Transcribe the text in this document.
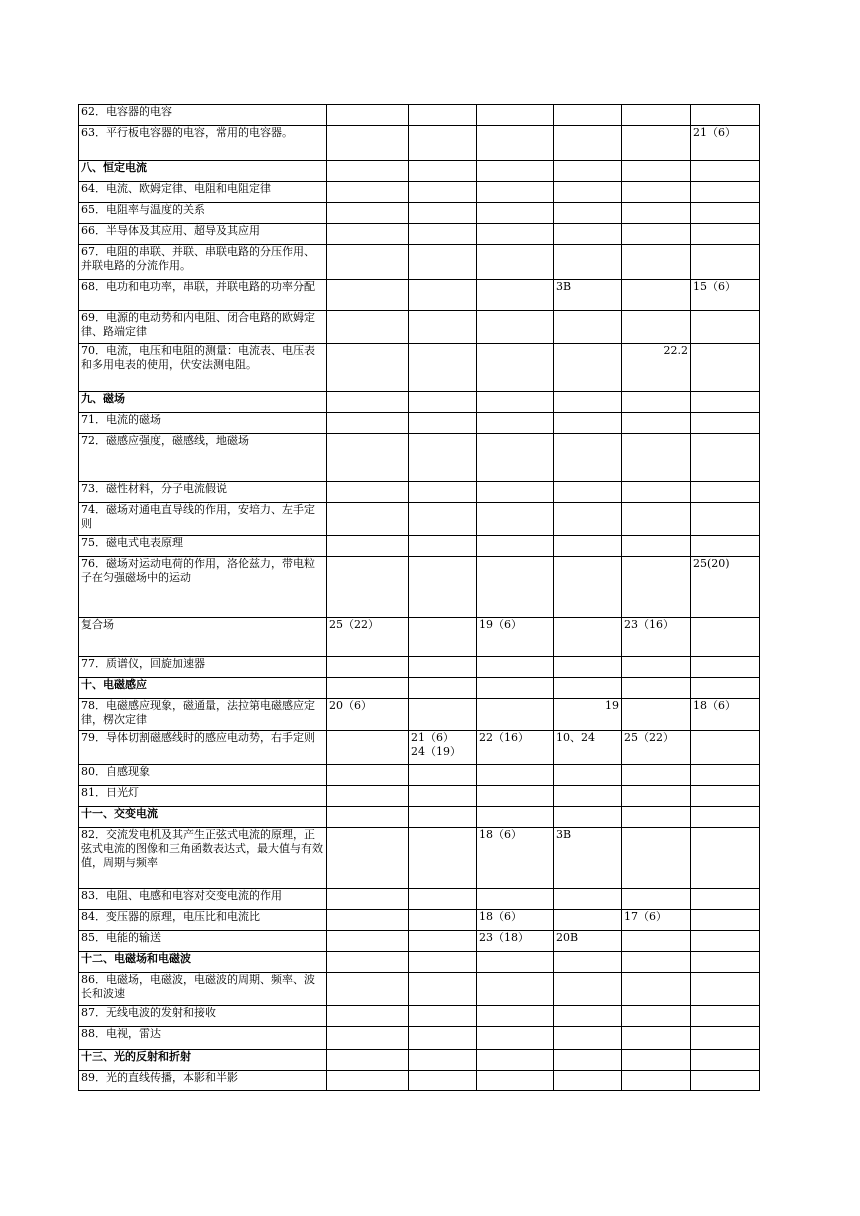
62．电容器的电容						
63．平行板电容器的电容，常用的电容器。						21（6）
八、恒定电流						
64．电流、欧姆定律、电阻和电阻定律						
65．电阻率与温度的关系						
66．半导体及其应用、超导及其应用						
67．电阻的串联、并联、串联电路的分压作用、并联电路的分流作用。						
68．电功和电功率，串联，并联电路的功率分配				3B		15（6）
69．电源的电动势和内电阻、闭合电路的欧姆定律、路端定律						
70．电流，电压和电阻的测量：电流表、电压表和多用电表的使用，伏安法测电阻。					22.2	
九、磁场						
71．电流的磁场						
72．磁感应强度，磁感线，地磁场						
73．磁性材料，分子电流假说						
74．磁场对通电直导线的作用，安培力、左手定则						
75．磁电式电表原理						
76．磁场对运动电荷的作用，洛伦兹力，带电粒子在匀强磁场中的运动						25(20)
复合场	25（22）		19（6）		23（16）	
77．质谱仪，回旋加速器						
十、电磁感应						
78．电磁感应现象，磁通量，法拉第电磁感应定律，楞次定律	20（6）			19		18（6）
79．导体切割磁感线时的感应电动势，右手定则		21（6）
24（19）	22（16）	10、24	25（22）	
80．自感现象						
81．日光灯						
十一、交变电流						
82．交流发电机及其产生正弦式电流的原理，正弦式电流的图像和三角函数表达式，最大值与有效值，周期与频率			18（6）	3B		
83．电阻、电感和电容对交变电流的作用						
84．变压器的原理，电压比和电流比			18（6）		17（6）	
85．电能的输送			23（18）	20B		
十二、电磁场和电磁波						
86．电磁场，电磁波，电磁波的周期、频率、波长和波速						
87．无线电波的发射和接收						
88．电视，雷达						
十三、光的反射和折射						
89．光的直线传播，本影和半影						
